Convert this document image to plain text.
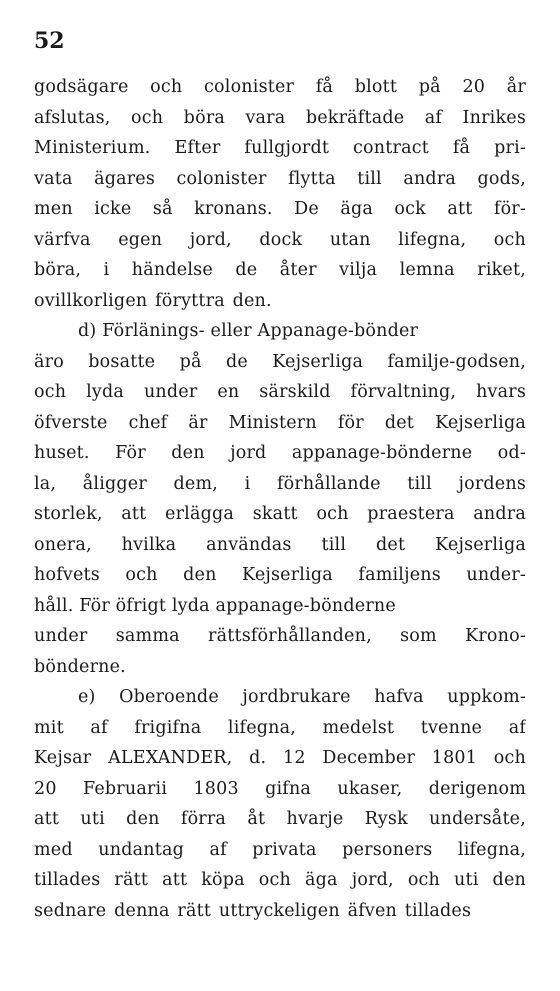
52
godsägare och colonister få blott på 20 år
afslutas, och böra vara bekräftade af Inrikes
Ministerium. Efter fullgjordt contract få pri-
vata ägares colonister flytta till andra gods,
men icke så kronans. De äga ock att för-
värfva egen jord, dock utan lifegna, och
böra, i händelse de åter vilja lemna riket,
ovillkorligen föryttra den.
d) Förlänings- eller Appanage-bönder
äro bosatte på de Kejserliga familje-godsen,
och lyda under en särskild förvaltning, hvars
öfverste chef är Ministern för det Kejserliga
huset. För den jord appanage-bönderne od-
la, åligger dem, i förhållande till jordens
storlek, att erlägga skatt och praestera andra
onera, hvilka användas till det Kejserliga
hofvets och den Kejserliga familjens under-
håll. För öfrigt lyda appanage-bönderne
under samma rättsförhållanden, som Krono-
bönderne.
e) Oberoende jordbrukare hafva uppkom-
mit af frigifna lifegna, medelst tvenne af
Kejsar ALEXANDER, d. 12 December 1801 och
20 Februarii 1803 gifna ukaser, derigenom
att uti den förra åt hvarje Rysk undersåte,
med undantag af privata personers lifegna,
tillades rätt att köpa och äga jord, och uti den
sednare denna rätt uttryckeligen äfven tillades
